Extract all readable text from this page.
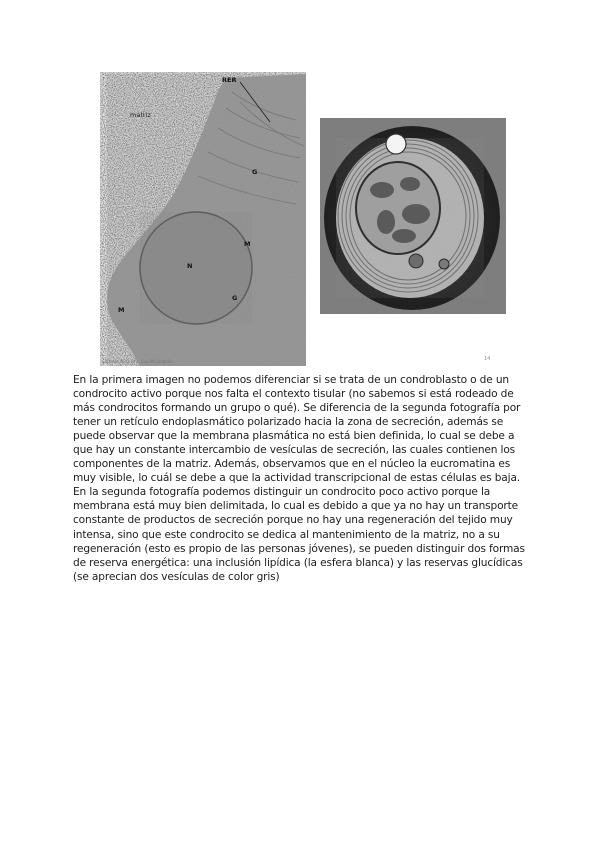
RER
matriz
G
N
M
G
M
Cortesía de la Dra. Lisa McLaughlin	14

En la primera imagen no podemos diferenciar si se trata de un condroblasto o de un condrocito activo porque nos falta el contexto tisular (no sabemos si está rodeado de más condrocitos formando un grupo o qué). Se diferencia de la segunda fotografía por tener un retículo endoplasmático polarizado hacia la zona de secreción, además se puede observar que la membrana plasmática no está bien definida, lo cual se debe a que hay un constante intercambio de vesículas de secreción, las cuales contienen los componentes de la matriz. Además, observamos que en el núcleo la eucromatina es muy visible, lo cuál se debe a que la actividad transcripcional de estas células es baja.

En la segunda fotografía podemos distinguir un condrocito poco activo porque la membrana está muy bien delimitada, lo cual es debido a que ya no hay un transporte constante de productos de secreción porque no hay una regeneración del tejido muy intensa, sino que este condrocito se dedica al mantenimiento de la matriz, no a su regeneración (esto es propio de las personas jóvenes), se pueden distinguir dos formas de reserva energética: una inclusión lipídica (la esfera blanca) y las reservas glucídicas (se aprecian dos vesículas de color gris)
